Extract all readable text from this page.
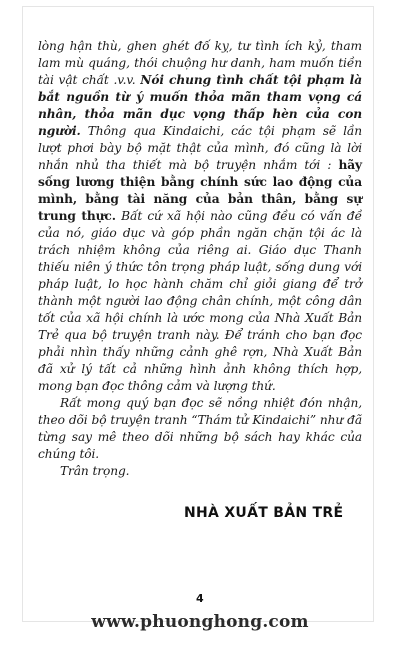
lòng hận thù, ghen ghét đố kỵ, tư tình ích kỷ, tham lam mù quáng, thói chuộng hư danh, ham muốn tiền tài vật chất .v.v. Nói chung tình chất tội phạm là bắt nguồn từ ý muốn thỏa mãn tham vọng cá nhân, thỏa mãn dục vọng thấp hèn của con người. Thông qua Kindaichi, các tội phạm sẽ lần lượt phơi bày bộ mặt thật của mình, đó cũng là lời nhắn nhủ tha thiết mà bộ truyện nhắm tới : hãy sống lương thiện bằng chính sức lao động của mình, bằng tài năng của bản thân, bằng sự trung thực. Bất cứ xã hội nào cũng đều có vấn đề của nó, giáo dục và góp phần ngăn chặn tội ác là trách nhiệm không của riêng ai. Giáo dục Thanh thiếu niên ý thức tôn trọng pháp luật, sống dung với pháp luật, lo học hành chăm chỉ giỏi giang để trở thành một người lao động chân chính, một công dân tốt của xã hội chính là ước mong của Nhà Xuất Bản Trẻ qua bộ truyện tranh này. Để tránh cho bạn đọc phải nhìn thấy những cảnh ghê rợn, Nhà Xuất Bản đã xử lý tất cả những hình ảnh không thích hợp, mong bạn đọc thông cảm và lượng thứ.

Rất mong quý bạn đọc sẽ nồng nhiệt đón nhận, theo dõi bộ truyện tranh “Thám tử Kindaichi” như đã từng say mê theo dõi những bộ sách hay khác của chúng tôi.

Trân trọng.

NHÀ XUẤT BẢN TRẺ
4
www.phuonghong.com
